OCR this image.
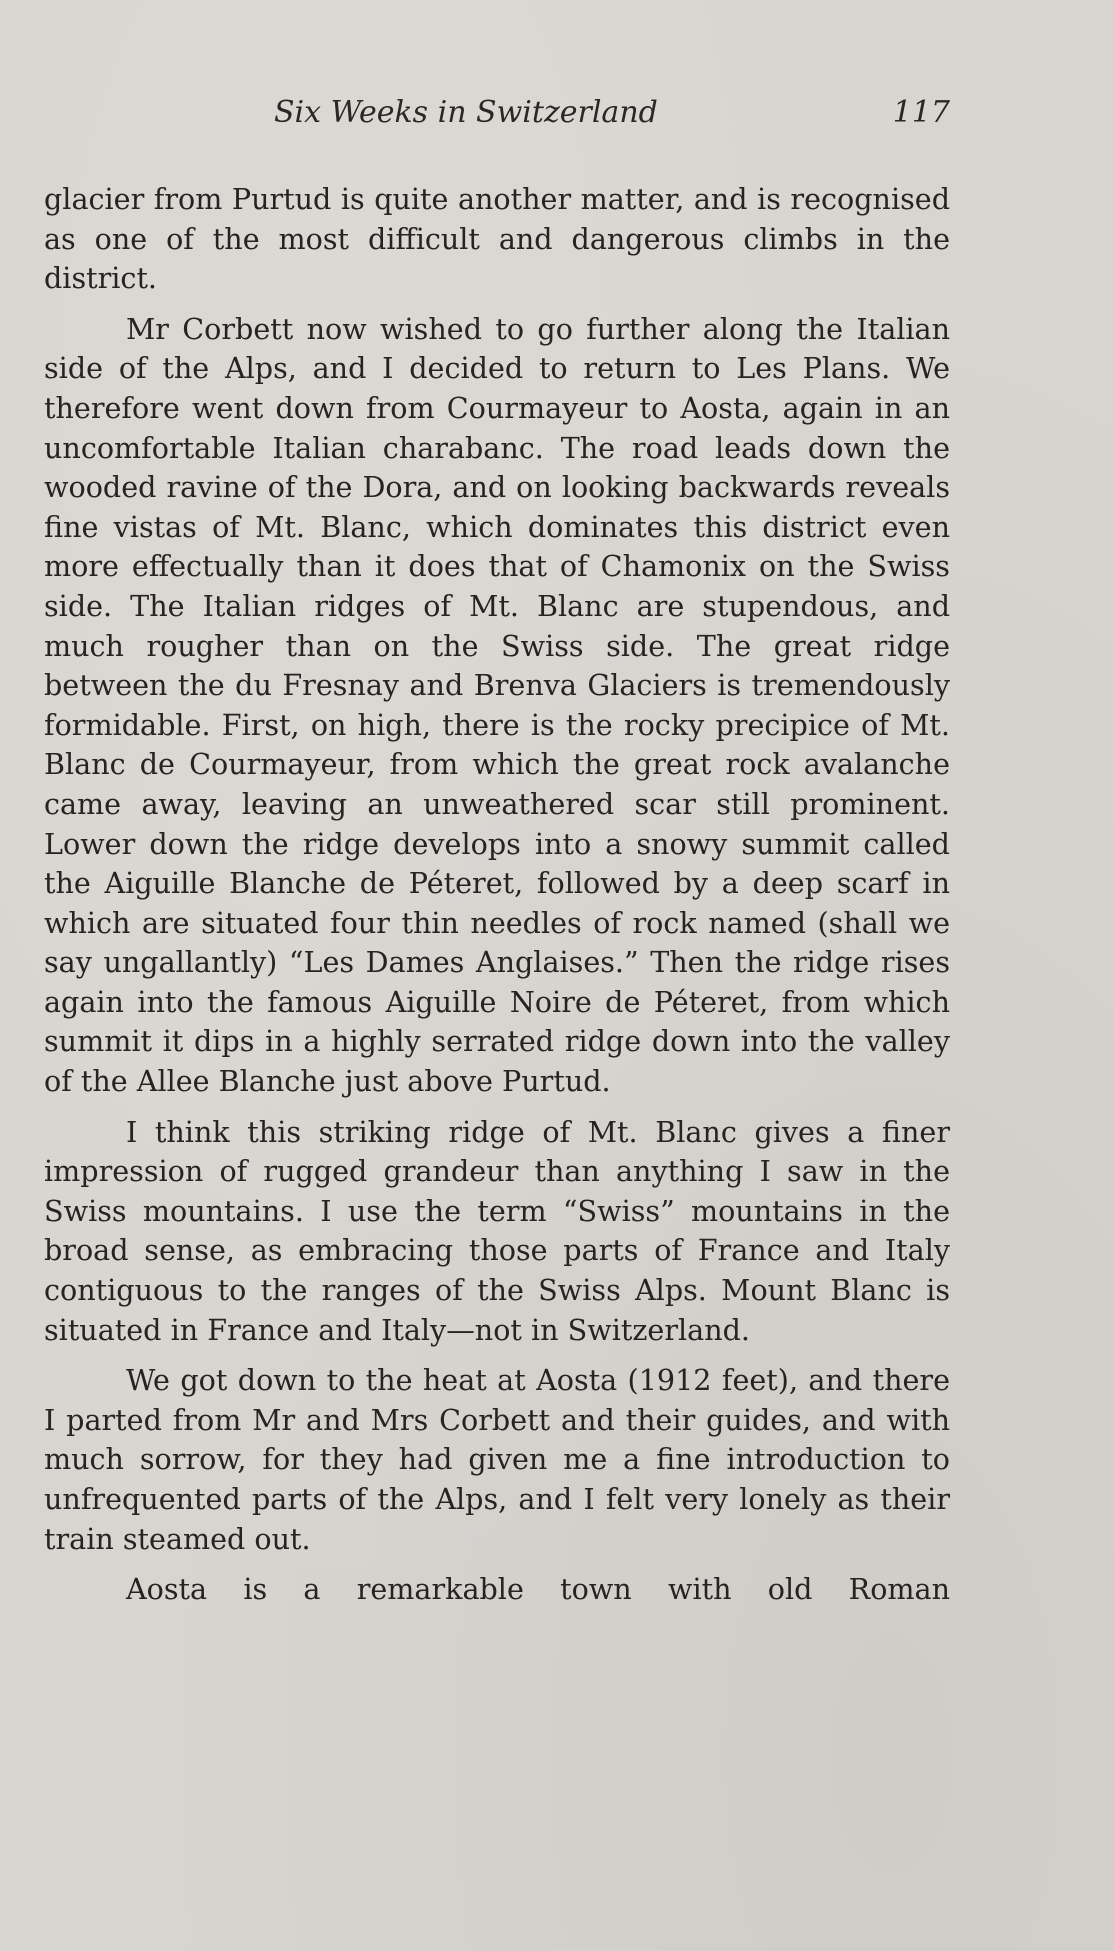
Six Weeks in Switzerland	117

glacier from Purtud is quite another matter, and is recognised as one of the most difficult and dangerous climbs in the district.

Mr Corbett now wished to go further along the Italian side of the Alps, and I decided to return to Les Plans. We therefore went down from Courmayeur to Aosta, again in an uncomfortable Italian charabanc. The road leads down the wooded ravine of the Dora, and on looking backwards reveals fine vistas of Mt. Blanc, which dominates this district even more effectually than it does that of Chamonix on the Swiss side. The Italian ridges of Mt. Blanc are stupendous, and much rougher than on the Swiss side. The great ridge between the du Fresnay and Brenva Glaciers is tremendously formidable. First, on high, there is the rocky precipice of Mt. Blanc de Courmayeur, from which the great rock avalanche came away, leaving an unweathered scar still prominent. Lower down the ridge develops into a snowy summit called the Aiguille Blanche de Péteret, followed by a deep scarf in which are situated four thin needles of rock named (shall we say ungallantly) “Les Dames Anglaises.” Then the ridge rises again into the famous Aiguille Noire de Péteret, from which summit it dips in a highly serrated ridge down into the valley of the Allee Blanche just above Purtud.

I think this striking ridge of Mt. Blanc gives a finer impression of rugged grandeur than anything I saw in the Swiss mountains. I use the term “Swiss” mountains in the broad sense, as embracing those parts of France and Italy contiguous to the ranges of the Swiss Alps. Mount Blanc is situated in France and Italy—not in Switzerland.

We got down to the heat at Aosta (1912 feet), and there I parted from Mr and Mrs Corbett and their guides, and with much sorrow, for they had given me a fine introduction to unfrequented parts of the Alps, and I felt very lonely as their train steamed out.

Aosta is a remarkable town with old Roman
